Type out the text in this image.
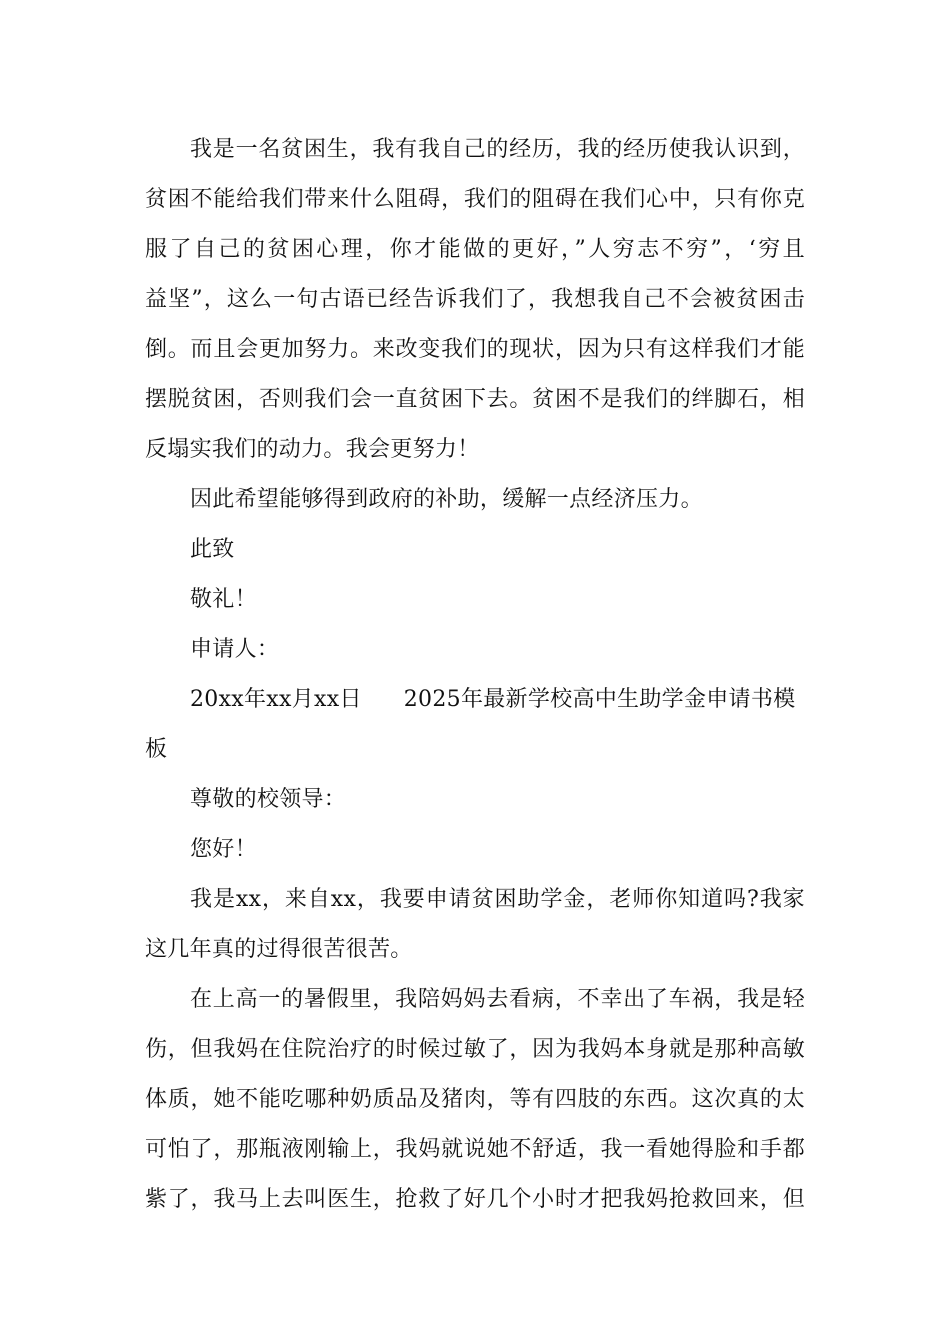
我是一名贫困生，我有我自己的经历，我的经历使我认识到，
贫困不能给我们带来什么阻碍，我们的阻碍在我们心中，只有你克
服了自己的贫困心理，你才能做的更好，”人穷志不穷”，‘穷且
益坚”，这么一句古语已经告诉我们了，我想我自己不会被贫困击
倒。而且会更加努力。来改变我们的现状，因为只有这样我们才能
摆脱贫困，否则我们会一直贫困下去。贫困不是我们的绊脚石，相
反塌实我们的动力。我会更努力！
因此希望能够得到政府的补助，缓解一点经济压力。
此致
敬礼！
申请人：
20xx年xx月xx日 2025年最新学校高中生助学金申请书模
板
尊敬的校领导：
您好！
我是xx，来自xx，我要申请贫困助学金，老师你知道吗?我家
这几年真的过得很苦很苦。
在上高一的暑假里，我陪妈妈去看病，不幸出了车祸，我是轻
伤，但我妈在住院治疗的时候过敏了，因为我妈本身就是那种高敏
体质，她不能吃哪种奶质品及猪肉，等有四肢的东西。这次真的太
可怕了，那瓶液刚输上，我妈就说她不舒适，我一看她得脸和手都
紫了，我马上去叫医生，抢救了好几个小时才把我妈抢救回来，但
